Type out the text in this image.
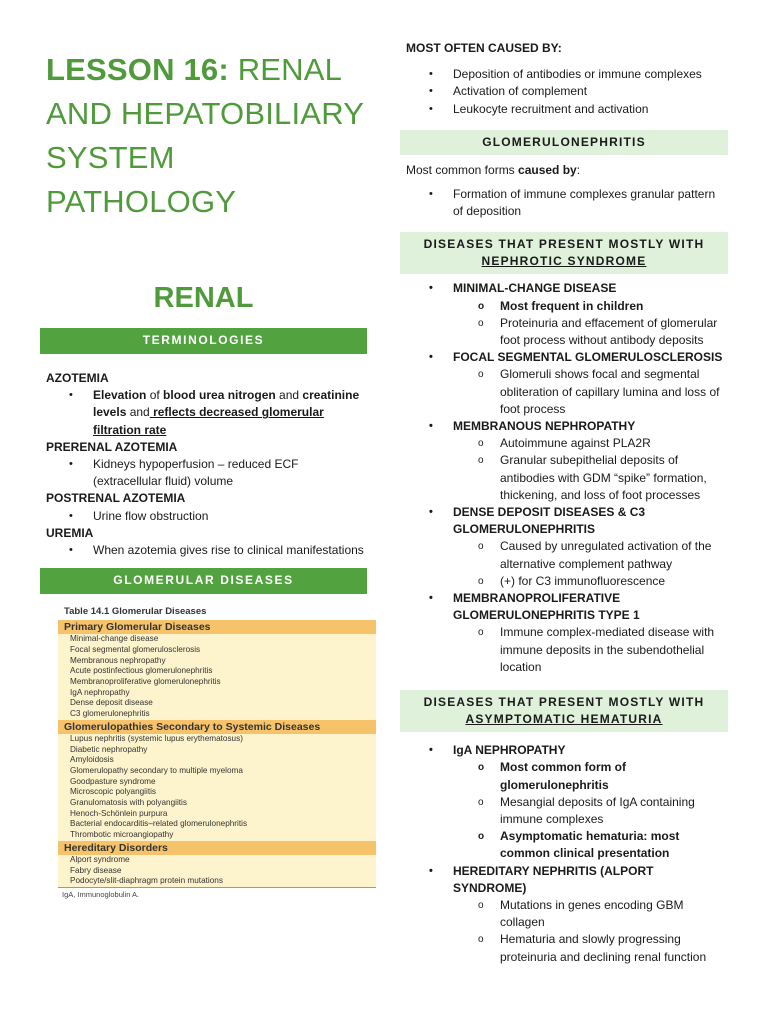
LESSON 16: RENAL
AND HEPATOBILIARY
SYSTEM PATHOLOGY
RENAL
TERMINOLOGIES
AZOTEMIA
• Elevation of blood urea nitrogen and creatinine levels and reflects decreased glomerular filtration rate
PRERENAL AZOTEMIA
• Kidneys hypoperfusion – reduced ECF (extracellular fluid) volume
POSTRENAL AZOTEMIA
• Urine flow obstruction
UREMIA
• When azotemia gives rise to clinical manifestations
GLOMERULAR DISEASES
Table 14.1 Glomerular Diseases
Primary Glomerular Diseases
Minimal-change disease
Focal segmental glomerulosclerosis
Membranous nephropathy
Acute postinfectious glomerulonephritis
Membranoproliferative glomerulonephritis
IgA nephropathy
Dense deposit disease
C3 glomerulonephritis
Glomerulopathies Secondary to Systemic Diseases
Lupus nephritis (systemic lupus erythematosus)
Diabetic nephropathy
Amyloidosis
Glomerulopathy secondary to multiple myeloma
Goodpasture syndrome
Microscopic polyangiitis
Granulomatosis with polyangiitis
Henoch-Schönlein purpura
Bacterial endocarditis–related glomerulonephritis
Thrombotic microangiopathy
Hereditary Disorders
Alport syndrome
Fabry disease
Podocyte/slit-diaphragm protein mutations
IgA, Immunoglobulin A.
MOST OFTEN CAUSED BY:
• Deposition of antibodies or immune complexes
• Activation of complement
• Leukocyte recruitment and activation
GLOMERULONEPHRITIS
Most common forms caused by:
• Formation of immune complexes granular pattern of deposition
DISEASES THAT PRESENT MOSTLY WITH
NEPHROTIC SYNDROME
• MINIMAL-CHANGE DISEASE
o Most frequent in children
o Proteinuria and effacement of glomerular foot process without antibody deposits
• FOCAL SEGMENTAL GLOMERULOSCLEROSIS
o Glomeruli shows focal and segmental obliteration of capillary lumina and loss of foot process
• MEMBRANOUS NEPHROPATHY
o Autoimmune against PLA2R
o Granular subepithelial deposits of antibodies with GDM “spike” formation, thickening, and loss of foot processes
• DENSE DEPOSIT DISEASES & C3 GLOMERULONEPHRITIS
o Caused by unregulated activation of the alternative complement pathway
o (+) for C3 immunofluorescence
• MEMBRANOPROLIFERATIVE GLOMERULONEPHRITIS TYPE 1
o Immune complex-mediated disease with immune deposits in the subendothelial location
DISEASES THAT PRESENT MOSTLY WITH
ASYMPTOMATIC HEMATURIA
• IgA NEPHROPATHY
o Most common form of glomerulonephritis
o Mesangial deposits of IgA containing immune complexes
o Asymptomatic hematuria: most common clinical presentation
• HEREDITARY NEPHRITIS (ALPORT SYNDROME)
o Mutations in genes encoding GBM collagen
o Hematuria and slowly progressing proteinuria and declining renal function
